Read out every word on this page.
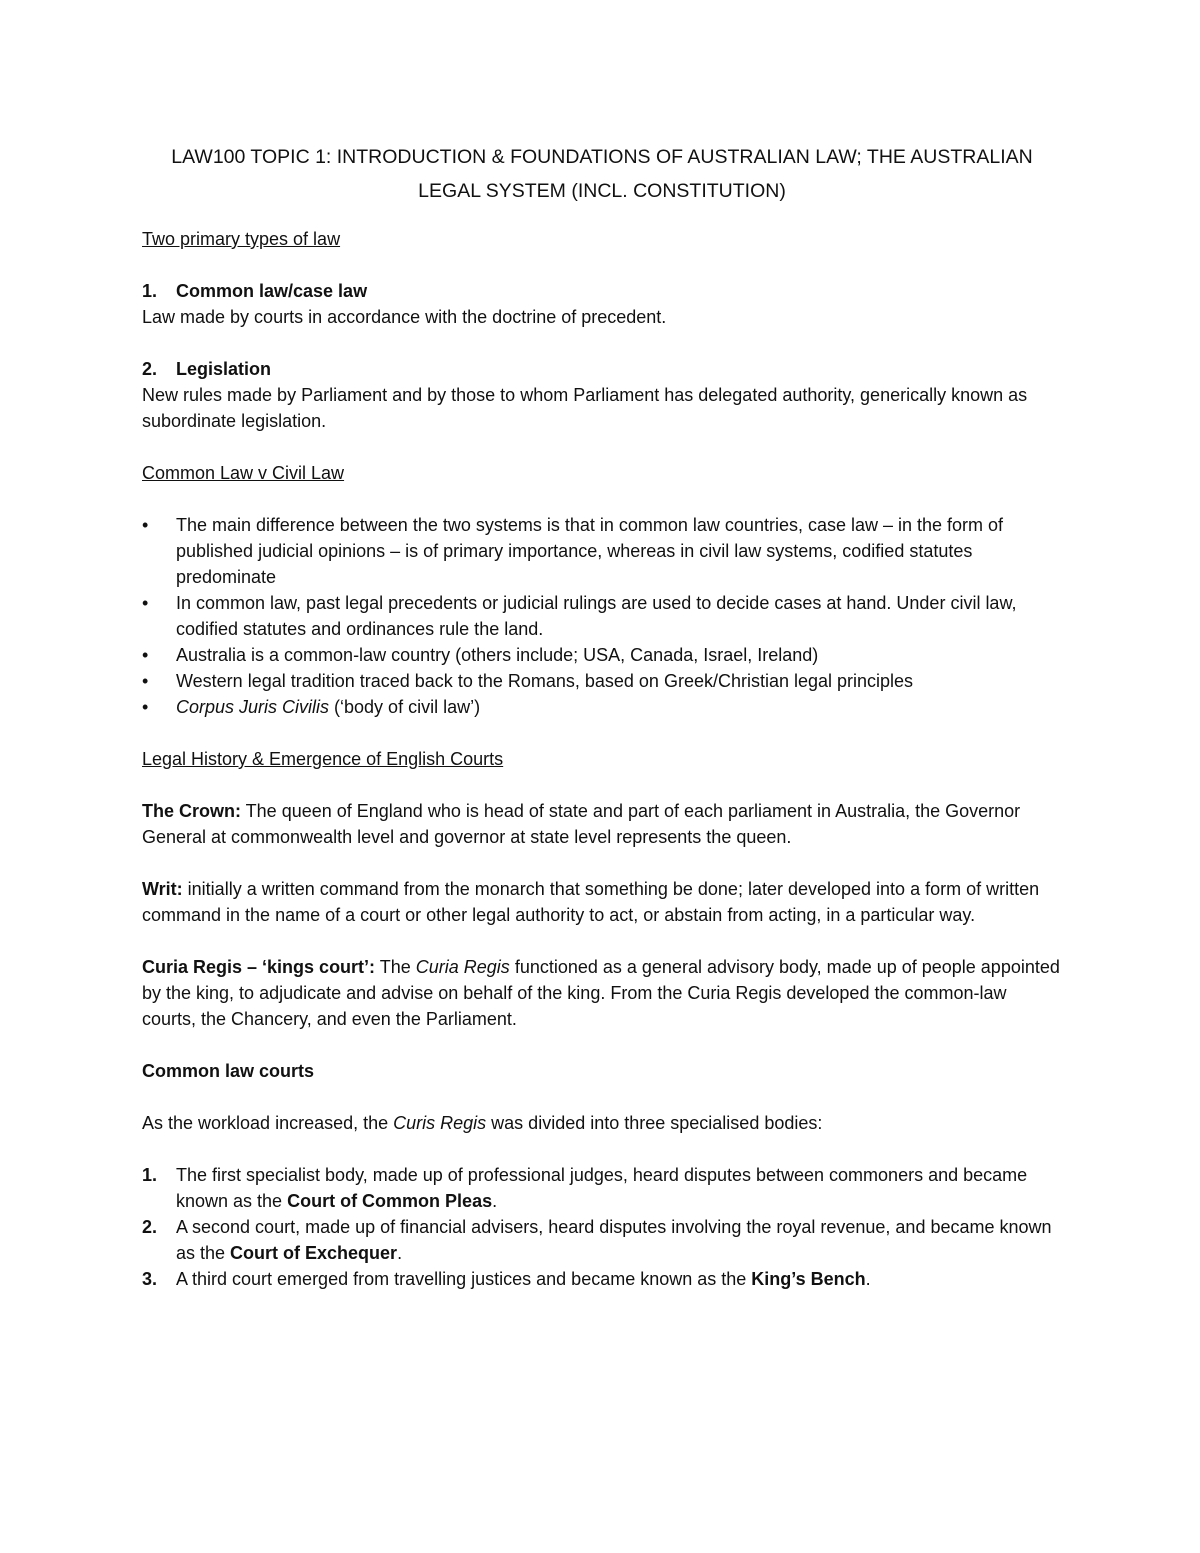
LAW100 TOPIC 1: INTRODUCTION & FOUNDATIONS OF AUSTRALIAN LAW; THE AUSTRALIAN
LEGAL SYSTEM (INCL. CONSTITUTION)

Two primary types of law

1.	Common law/case law

Law made by courts in accordance with the doctrine of precedent.

2.	Legislation

New rules made by Parliament and by those to whom Parliament has delegated authority, generically known as subordinate legislation.

Common Law v Civil Law

•	The main difference between the two systems is that in common law countries, case law – in the form of published judicial opinions – is of primary importance, whereas in civil law systems, codified statutes predominate
•	In common law, past legal precedents or judicial rulings are used to decide cases at hand. Under civil law, codified statutes and ordinances rule the land.
•	Australia is a common-law country (others include; USA, Canada, Israel, Ireland)
•	Western legal tradition traced back to the Romans, based on Greek/Christian legal principles
•	Corpus Juris Civilis (‘body of civil law’)

Legal History & Emergence of English Courts

The Crown: The queen of England who is head of state and part of each parliament in Australia, the Governor General at commonwealth level and governor at state level represents the queen.

Writ: initially a written command from the monarch that something be done; later developed into a form of written command in the name of a court or other legal authority to act, or abstain from acting, in a particular way.

Curia Regis – ‘kings court’: The Curia Regis functioned as a general advisory body, made up of people appointed by the king, to adjudicate and advise on behalf of the king. From the Curia Regis developed the common-law courts, the Chancery, and even the Parliament.

Common law courts

As the workload increased, the Curis Regis was divided into three specialised bodies:

1. The first specialist body, made up of professional judges, heard disputes between commoners and became known as the Court of Common Pleas.
2. A second court, made up of financial advisers, heard disputes involving the royal revenue, and became known as the Court of Exchequer.
3. A third court emerged from travelling justices and became known as the King’s Bench.
